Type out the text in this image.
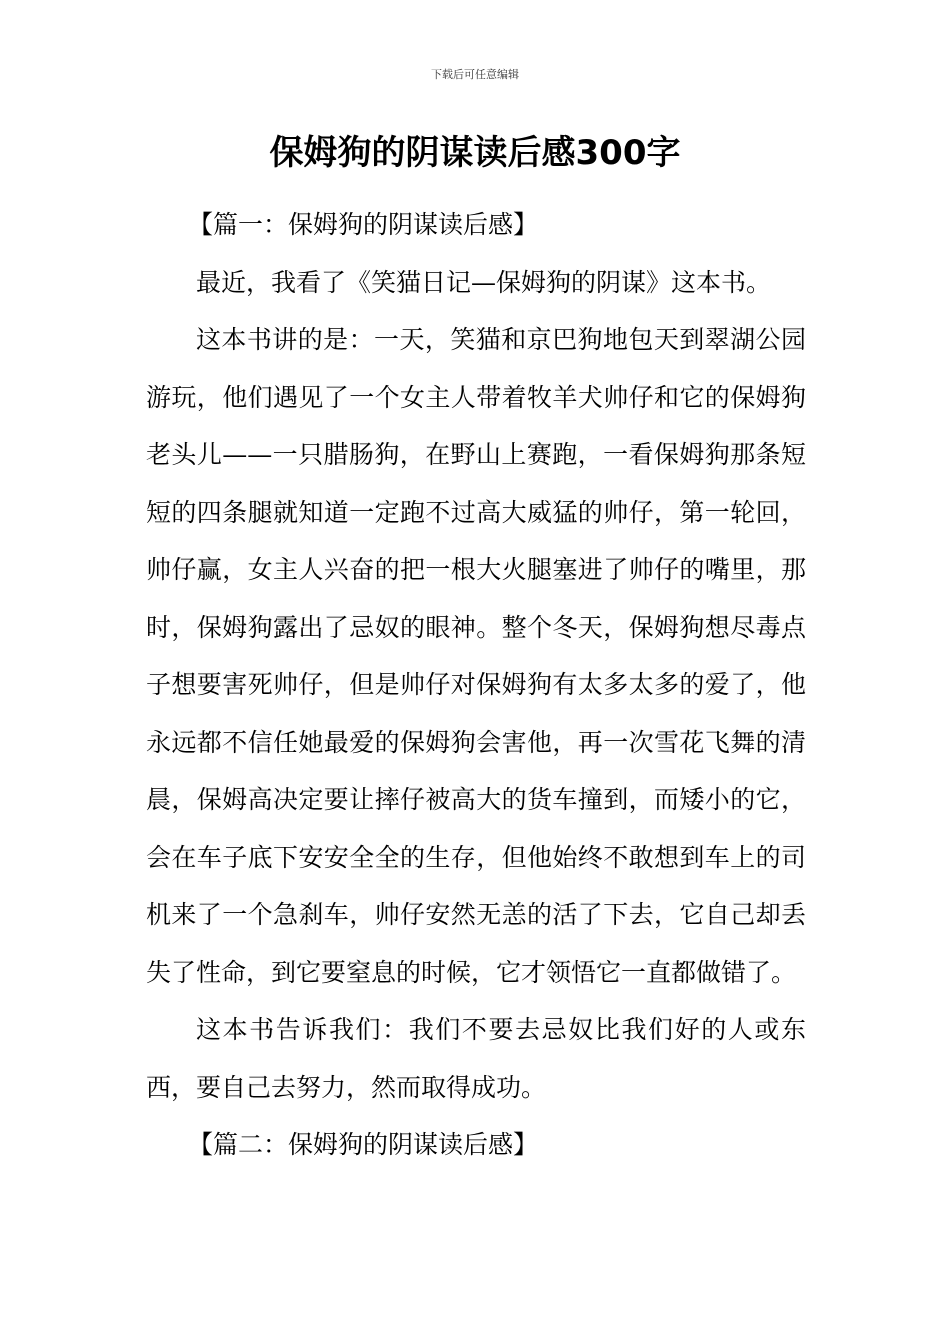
下载后可任意编辑
保姆狗的阴谋读后感300字

【篇一：保姆狗的阴谋读后感】

最近，我看了《笑猫日记—保姆狗的阴谋》这本书。

这本书讲的是：一天，笑猫和京巴狗地包天到翠湖公园游玩，他们遇见了一个女主人带着牧羊犬帅仔和它的保姆狗老头儿——一只腊肠狗，在野山上赛跑，一看保姆狗那条短短的四条腿就知道一定跑不过高大威猛的帅仔，第一轮回，帅仔赢，女主人兴奋的把一根大火腿塞进了帅仔的嘴里，那时，保姆狗露出了忌奴的眼神。整个冬天，保姆狗想尽毒点子想要害死帅仔，但是帅仔对保姆狗有太多太多的爱了，他永远都不信任她最爱的保姆狗会害他，再一次雪花飞舞的清晨，保姆高决定要让摔仔被高大的货车撞到，而矮小的它，会在车子底下安安全全的生存，但他始终不敢想到车上的司机来了一个急刹车，帅仔安然无恙的活了下去，它自己却丢失了性命，到它要窒息的时候，它才领悟它一直都做错了。

这本书告诉我们：我们不要去忌奴比我们好的人或东西，要自己去努力，然而取得成功。

【篇二：保姆狗的阴谋读后感】
